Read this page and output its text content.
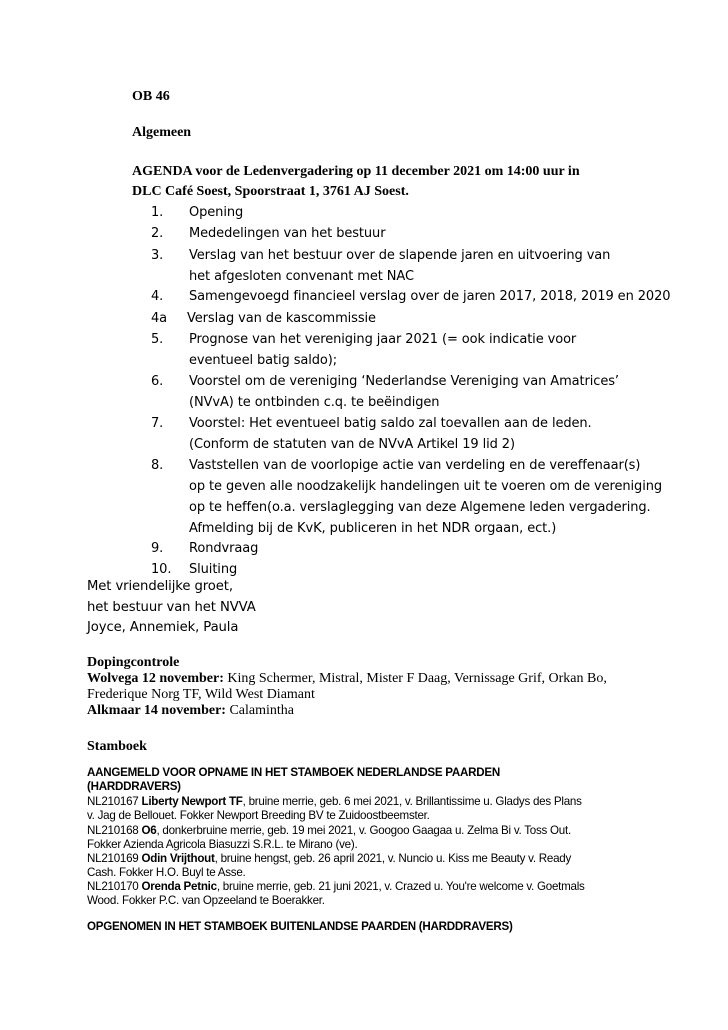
OB 46
Algemeen
AGENDA voor de Ledenvergadering op 11 december 2021 om 14:00 uur in
DLC Café Soest, Spoorstraat 1, 3761 AJ Soest.
1. Opening
2. Mededelingen van het bestuur
3. Verslag van het bestuur over de slapende jaren en uitvoering van
het afgesloten convenant met NAC
4. Samengevoegd financieel verslag over de jaren 2017, 2018, 2019 en 2020
4a Verslag van de kascommissie
5. Prognose van het vereniging jaar 2021 (= ook indicatie voor
eventueel batig saldo);
6. Voorstel om de vereniging ‘Nederlandse Vereniging van Amatrices’
(NVvA) te ontbinden c.q. te beëindigen
7. Voorstel: Het eventueel batig saldo zal toevallen aan de leden.
(Conform de statuten van de NVvA Artikel 19 lid 2)
8. Vaststellen van de voorlopige actie van verdeling en de vereffenaar(s)
op te geven alle noodzakelijk handelingen uit te voeren om de vereniging
op te heffen(o.a. verslaglegging van deze Algemene leden vergadering.
Afmelding bij de KvK, publiceren in het NDR orgaan, ect.)
9. Rondvraag
10. Sluiting
Met vriendelijke groet,
het bestuur van het NVVA
Joyce, Annemiek, Paula
Dopingcontrole
Wolvega 12 november: King Schermer, Mistral, Mister F Daag, Vernissage Grif, Orkan Bo,
Frederique Norg TF, Wild West Diamant
Alkmaar 14 november: Calamintha
Stamboek
AANGEMELD VOOR OPNAME IN HET STAMBOEK NEDERLANDSE PAARDEN
(HARDDRAVERS)
NL210167 Liberty Newport TF, bruine merrie, geb. 6 mei 2021, v. Brillantissime u. Gladys des Plans
v. Jag de Bellouet. Fokker Newport Breeding BV te Zuidoostbeemster.
NL210168 O6, donkerbruine merrie, geb. 19 mei 2021, v. Googoo Gaagaa u. Zelma Bi v. Toss Out.
Fokker Azienda Agricola Biasuzzi S.R.L. te Mirano (ve).
NL210169 Odin Vrijthout, bruine hengst, geb. 26 april 2021, v. Nuncio u. Kiss me Beauty v. Ready
Cash. Fokker H.O. Buyl te Asse.
NL210170 Orenda Petnic, bruine merrie, geb. 21 juni 2021, v. Crazed u. You're welcome v. Goetmals
Wood. Fokker P.C. van Opzeeland te Boerakker.
OPGENOMEN IN HET STAMBOEK BUITENLANDSE PAARDEN (HARDDRAVERS)
